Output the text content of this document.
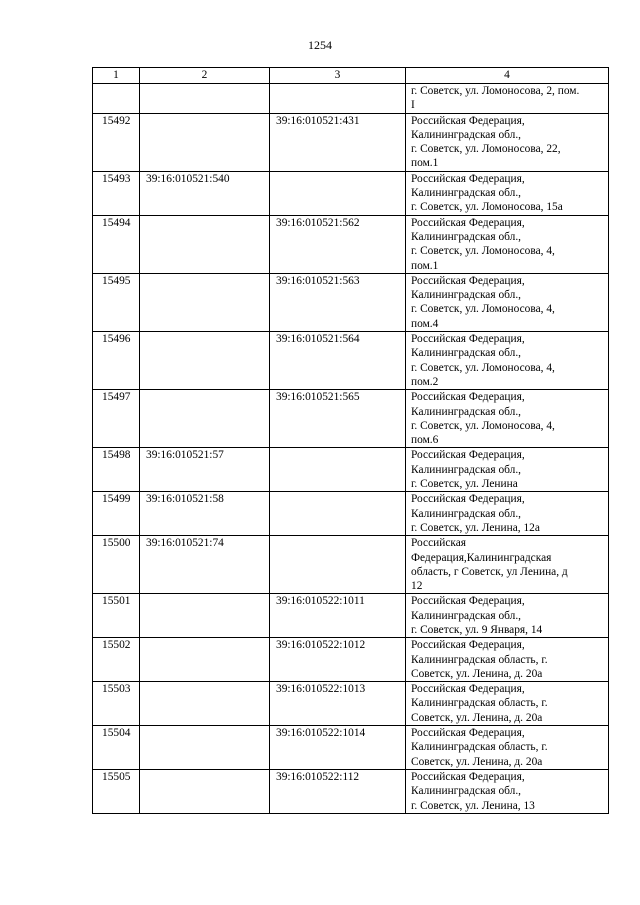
1254
1	2	3	4

			г. Советск, ул. Ломоносова, 2, пом.
I

15492		39:16:010521:431	Российская Федерация,
Калининградская обл.,
г. Советск, ул. Ломоносова, 22,
пом.1

15493	39:16:010521:540		Российская Федерация,
Калининградская обл.,
г. Советск, ул. Ломоносова, 15а

15494		39:16:010521:562	Российская Федерация,
Калининградская обл.,
г. Советск, ул. Ломоносова, 4,
пом.1

15495		39:16:010521:563	Российская Федерация,
Калининградская обл.,
г. Советск, ул. Ломоносова, 4,
пом.4

15496		39:16:010521:564	Российская Федерация,
Калининградская обл.,
г. Советск, ул. Ломоносова, 4,
пом.2

15497		39:16:010521:565	Российская Федерация,
Калининградская обл.,
г. Советск, ул. Ломоносова, 4,
пом.6

15498	39:16:010521:57		Российская Федерация,
Калининградская обл.,
г. Советск, ул. Ленина

15499	39:16:010521:58		Российская Федерация,
Калининградская обл.,
г. Советск, ул. Ленина, 12а

15500	39:16:010521:74		Российская
Федерация,Калининградская
область, г Советск, ул Ленина, д
12

15501		39:16:010522:1011	Российская Федерация,
Калининградская обл.,
г. Советск, ул. 9 Января, 14

15502		39:16:010522:1012	Российская Федерация,
Калининградская область, г.
Советск, ул. Ленина, д. 20а

15503		39:16:010522:1013	Российская Федерация,
Калининградская область, г.
Советск, ул. Ленина, д. 20а

15504		39:16:010522:1014	Российская Федерация,
Калининградская область, г.
Советск, ул. Ленина, д. 20а

15505		39:16:010522:112	Российская Федерация,
Калининградская обл.,
г. Советск, ул. Ленина, 13
